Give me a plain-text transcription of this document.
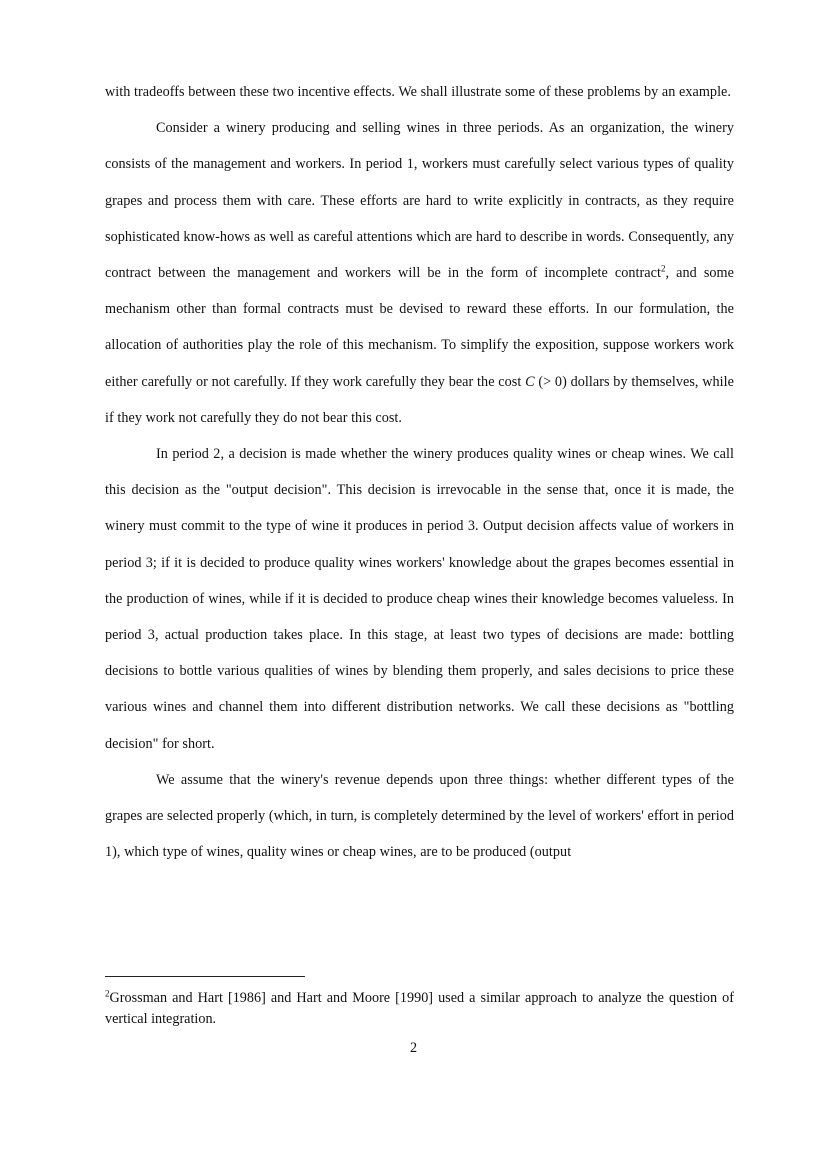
with tradeoffs between these two incentive effects. We shall illustrate some of these problems by an example.

Consider a winery producing and selling wines in three periods. As an organization, the winery consists of the management and workers. In period 1, workers must carefully select various types of quality grapes and process them with care. These efforts are hard to write explicitly in contracts, as they require sophisticated know-hows as well as careful attentions which are hard to describe in words. Consequently, any contract between the management and workers will be in the form of incomplete contract$^2$, and some mechanism other than formal contracts must be devised to reward these efforts. In our formulation, the allocation of authorities play the role of this mechanism. To simplify the exposition, suppose workers work either carefully or not carefully. If they work carefully they bear the cost C (> 0) dollars by themselves, while if they work not carefully they do not bear this cost.

In period 2, a decision is made whether the winery produces quality wines or cheap wines. We call this decision as the "output decision". This decision is irrevocable in the sense that, once it is made, the winery must commit to the type of wine it produces in period 3. Output decision affects value of workers in period 3; if it is decided to produce quality wines workers' knowledge about the grapes becomes essential in the production of wines, while if it is decided to produce cheap wines their knowledge becomes valueless. In period 3, actual production takes place. In this stage, at least two types of decisions are made: bottling decisions to bottle various qualities of wines by blending them properly, and sales decisions to price these various wines and channel them into different distribution networks. We call these decisions as "bottling decision" for short.

We assume that the winery's revenue depends upon three things: whether different types of the grapes are selected properly (which, in turn, is completely determined by the level of workers' effort in period 1), which type of wines, quality wines or cheap wines, are to be produced (output

$^2$Grossman and Hart [1986] and Hart and Moore [1990] used a similar approach to analyze the question of vertical integration.
2
